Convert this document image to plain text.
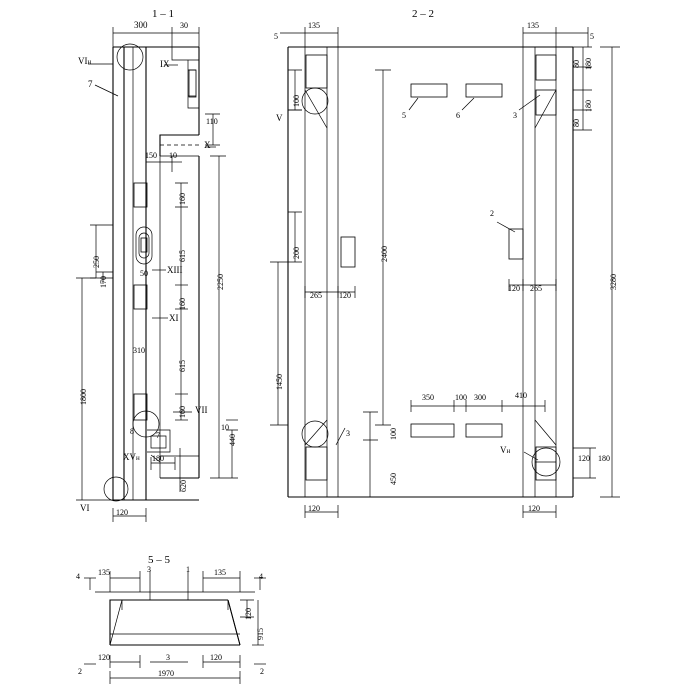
1 – 1
300	30
VIн	IX
7
X
110
150 10
160
615
250
170
50 XIII
160
XI
310
615
1800
2250
160 VII
8	7
10
440
XVн 180
620
VI	120
2 – 2
5
135	135
5
180
80
180
80
100
V	5	6	3
2400
3280
200
1450
2
265 120
120 265
350	100 300	410
100
450
3
Vн
120 180
120	120
5 – 5
4 135	3	1	135	4
120
915
120	3	120
1970
2	2
